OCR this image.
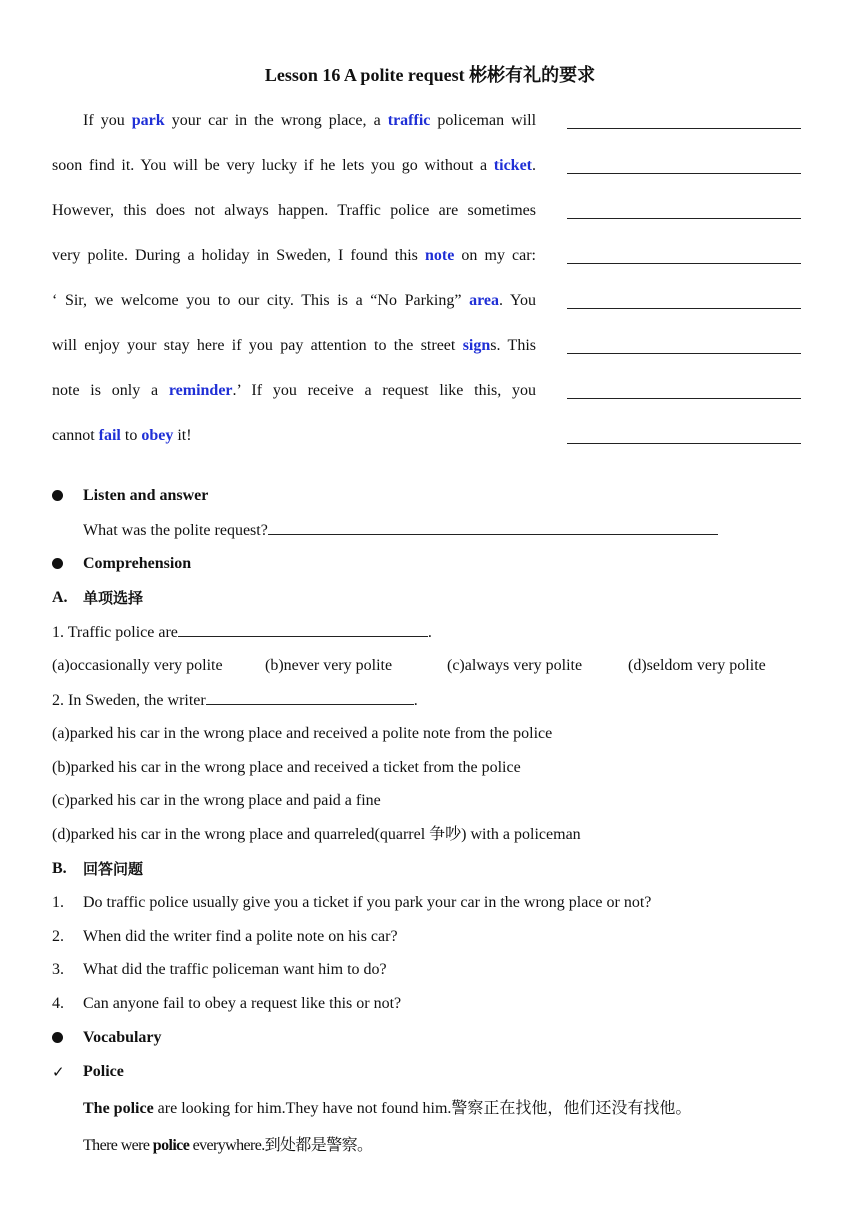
Lesson 16 A polite request 彬彬有礼的要求
If you park your car in the wrong place, a traffic policeman will
soon find it. You will be very lucky if he lets you go without a ticket.
However, this does not always happen. Traffic police are sometimes
very polite. During a holiday in Sweden, I found this note on my car:
‘ Sir, we welcome you to our city. This is a “No Parking” area. You
will enjoy your stay here if you pay attention to the street signs. This
note is only a reminder.’ If you receive a request like this, you
cannot fail to obey it!
Listen and answer
What was the polite request?
Comprehension
A. 单项选择
1. Traffic police are	.
(a)occasionally very polite	(b)never very polite	(c)always very polite	(d)seldom very polite
2. In Sweden, the writer	.
(a)parked his car in the wrong place and received a polite note from the police
(b)parked his car in the wrong place and received a ticket from the police
(c)parked his car in the wrong place and paid a fine
(d)parked his car in the wrong place and quarreled(quarrel 争吵) with a policeman
B. 回答问题
1. Do traffic police usually give you a ticket if you park your car in the wrong place or not?
2. When did the writer find a polite note on his car?
3. What did the traffic policeman want him to do?
4. Can anyone fail to obey a request like this or not?
Vocabulary
✓ Police
The police are looking for him.They have not found him.警察正在找他，他们还没有找他。
There were police everywhere.到处都是警察。
